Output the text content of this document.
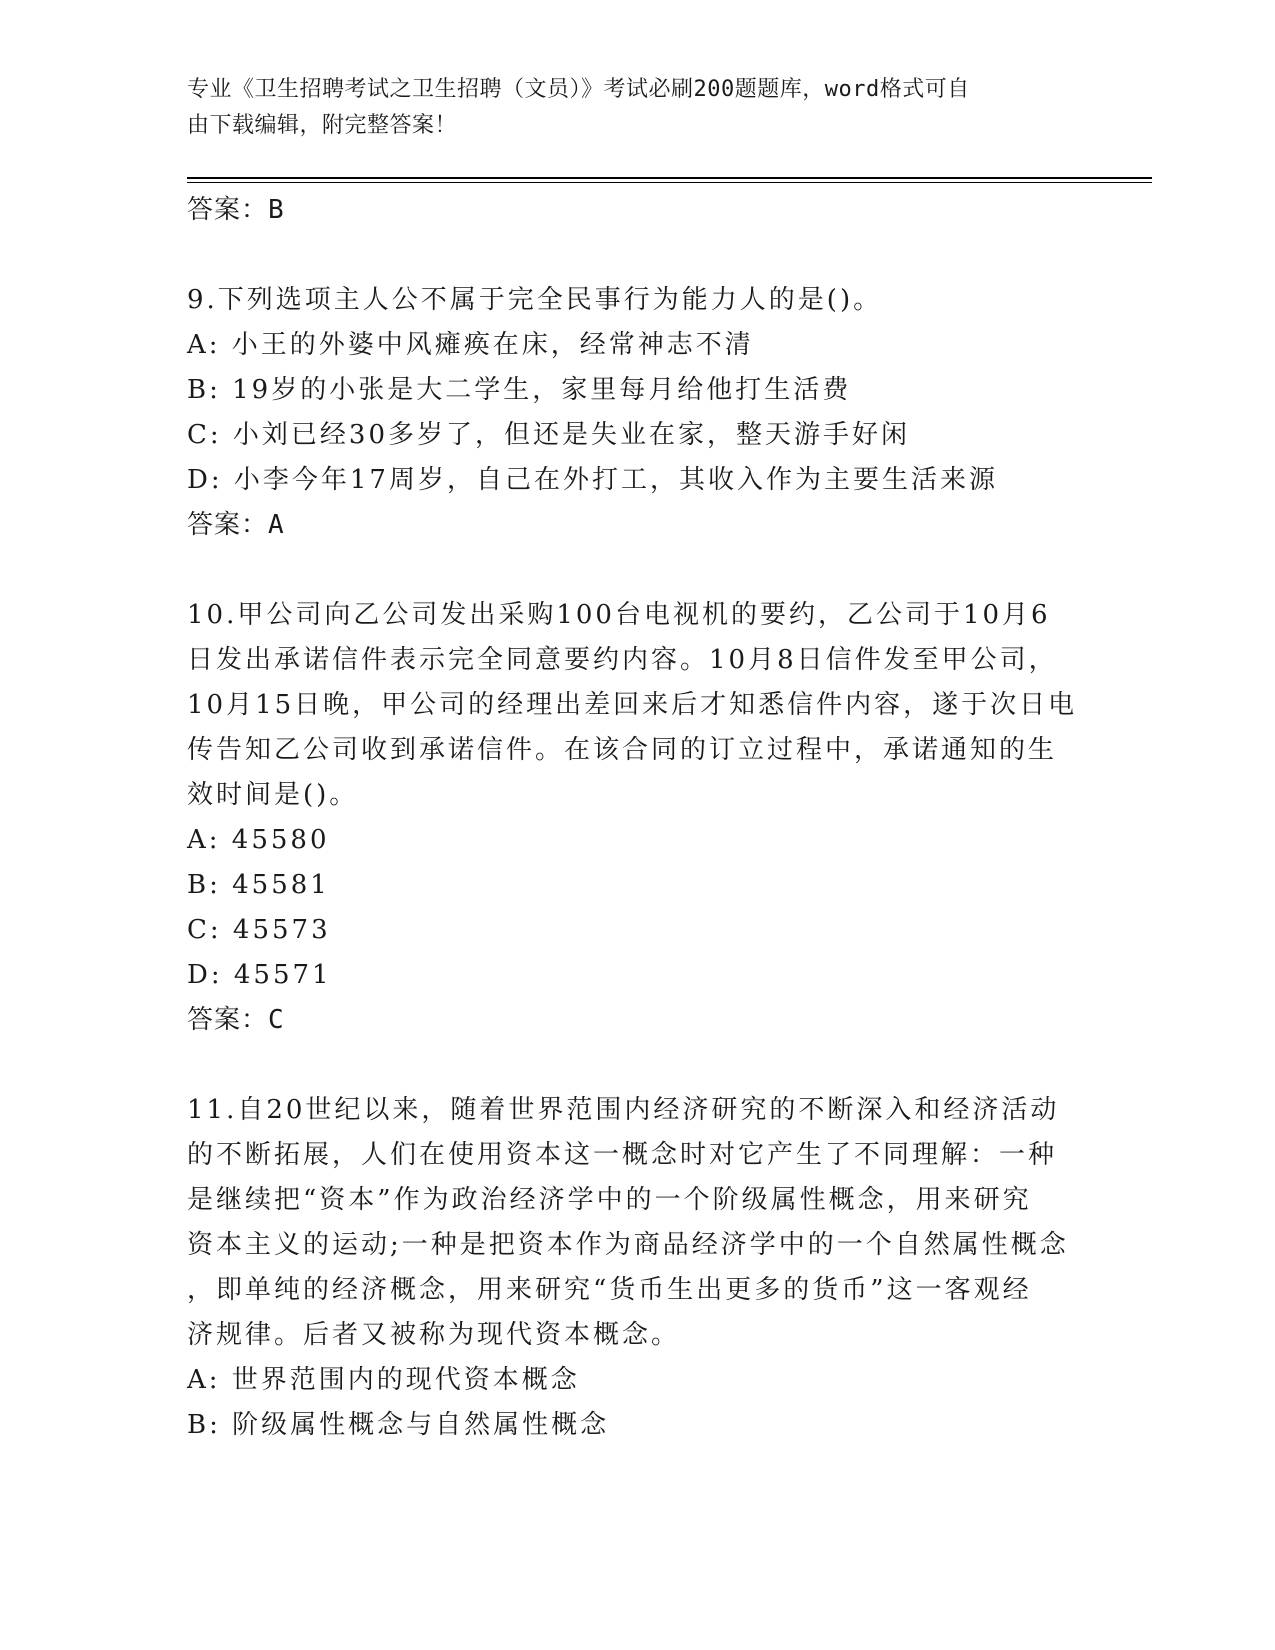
专业《卫生招聘考试之卫生招聘（文员）》考试必刷200题题库，word格式可自
由下载编辑，附完整答案！
答案：B

9.下列选项主人公不属于完全民事行为能力人的是()。

A: 小王的外婆中风瘫痪在床，经常神志不清

B: 19岁的小张是大二学生，家里每月给他打生活费

C: 小刘已经30多岁了，但还是失业在家，整天游手好闲

D: 小李今年17周岁，自己在外打工，其收入作为主要生活来源

答案：A

10.甲公司向乙公司发出采购100台电视机的要约，乙公司于10月6

日发出承诺信件表示完全同意要约内容。10月8日信件发至甲公司，

10月15日晚，甲公司的经理出差回来后才知悉信件内容，遂于次日电

传告知乙公司收到承诺信件。在该合同的订立过程中，承诺通知的生

效时间是()。

A: 45580

B: 45581

C: 45573

D: 45571

答案：C

11.自20世纪以来，随着世界范围内经济研究的不断深入和经济活动

的不断拓展，人们在使用资本这一概念时对它产生了不同理解：一种

是继续把“资本”作为政治经济学中的一个阶级属性概念，用来研究

资本主义的运动;一种是把资本作为商品经济学中的一个自然属性概念

，即单纯的经济概念，用来研究“货币生出更多的货币”这一客观经

济规律。后者又被称为现代资本概念。

A: 世界范围内的现代资本概念

B: 阶级属性概念与自然属性概念
